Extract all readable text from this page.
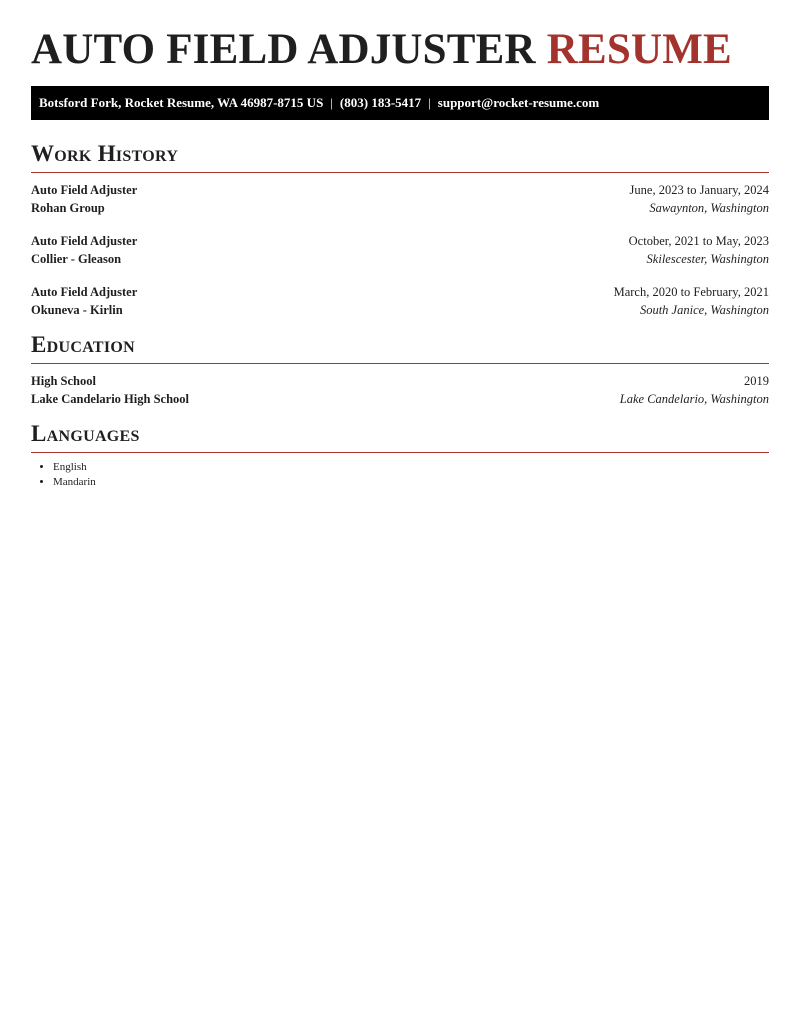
AUTO FIELD ADJUSTER RESUME
Botsford Fork, Rocket Resume, WA 46987-8715 US | (803) 183-5417 | support@rocket-resume.com
Work History
Auto Field Adjuster	June, 2023 to January, 2024
Rohan Group	Sawaynton, Washington
Auto Field Adjuster	October, 2021 to May, 2023
Collier - Gleason	Skilescester, Washington
Auto Field Adjuster	March, 2020 to February, 2021
Okuneva - Kirlin	South Janice, Washington
Education
High School	2019
Lake Candelario High School	Lake Candelario, Washington
Languages
• English
• Mandarin
